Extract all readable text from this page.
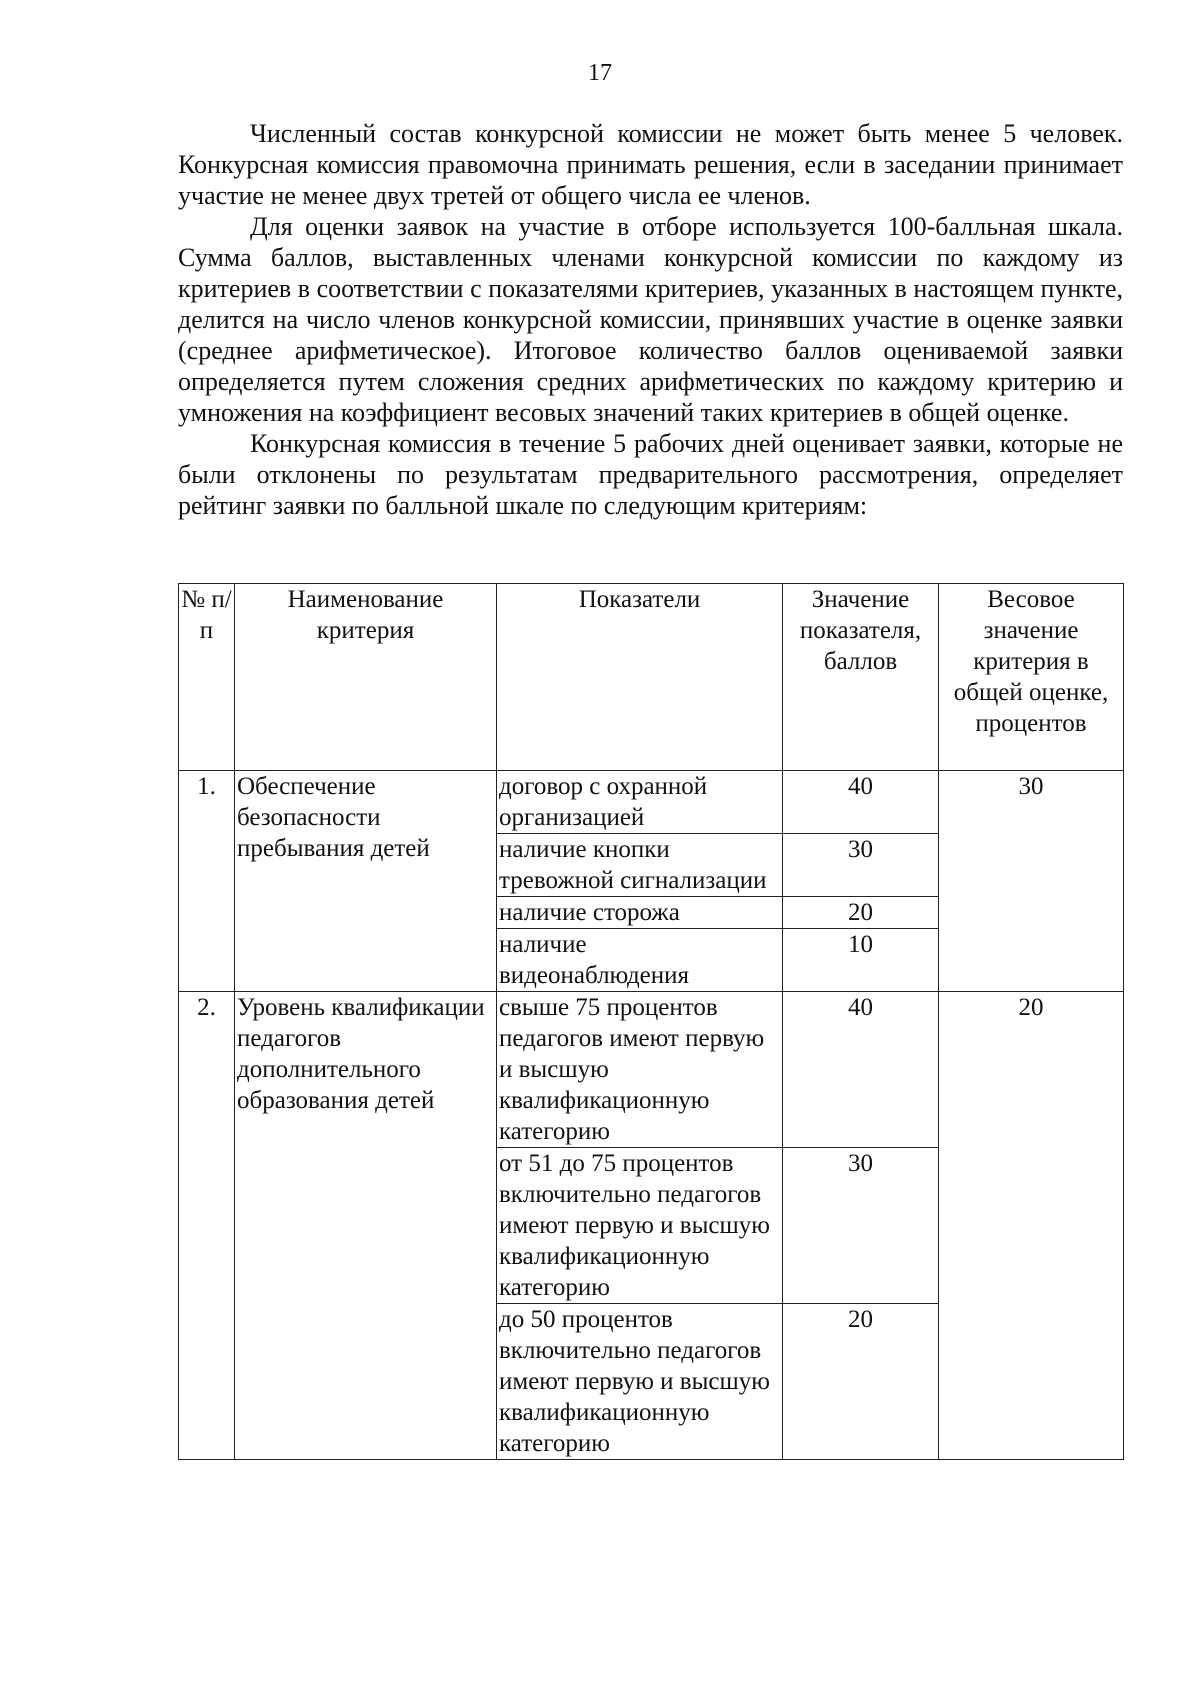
17

Численный состав конкурсной комиссии не может быть менее 5 человек. Конкурсная комиссия правомочна принимать решения, если в заседании принимает участие не менее двух третей от общего числа ее членов.

Для оценки заявок на участие в отборе используется 100-балльная шкала. Сумма баллов, выставленных членами конкурсной комиссии по каждому из критериев в соответствии с показателями критериев, указанных в настоящем пункте, делится на число членов конкурсной комиссии, принявших участие в оценке заявки (среднее арифметическое). Итоговое количество баллов оцениваемой заявки определяется путем сложения средних арифметических по каждому критерию и умножения на коэффициент весовых значений таких критериев в общей оценке.

Конкурсная комиссия в течение 5 рабочих дней оценивает заявки, которые не были отклонены по результатам предварительного рассмотрения, определяет рейтинг заявки по балльной шкале по следующим критериям:

№ п/п	Наименование критерия	Показатели	Значение показателя, баллов	Весовое значение критерия в общей оценке, процентов
1.	Обеспечение безопасности пребывания детей	договор с охранной организацией	40	30
		наличие кнопки тревожной сигнализации	30	
		наличие сторожа	20	
		наличие видеонаблюдения	10	
2.	Уровень квалификации педагогов дополнительного образования детей	свыше 75 процентов педагогов имеют первую и высшую квалификационную категорию	40	20
		от 51 до 75 процентов включительно педагогов имеют первую и высшую квалификационную категорию	30	
		до 50 процентов включительно педагогов имеют первую и высшую квалификационную категорию	20	
